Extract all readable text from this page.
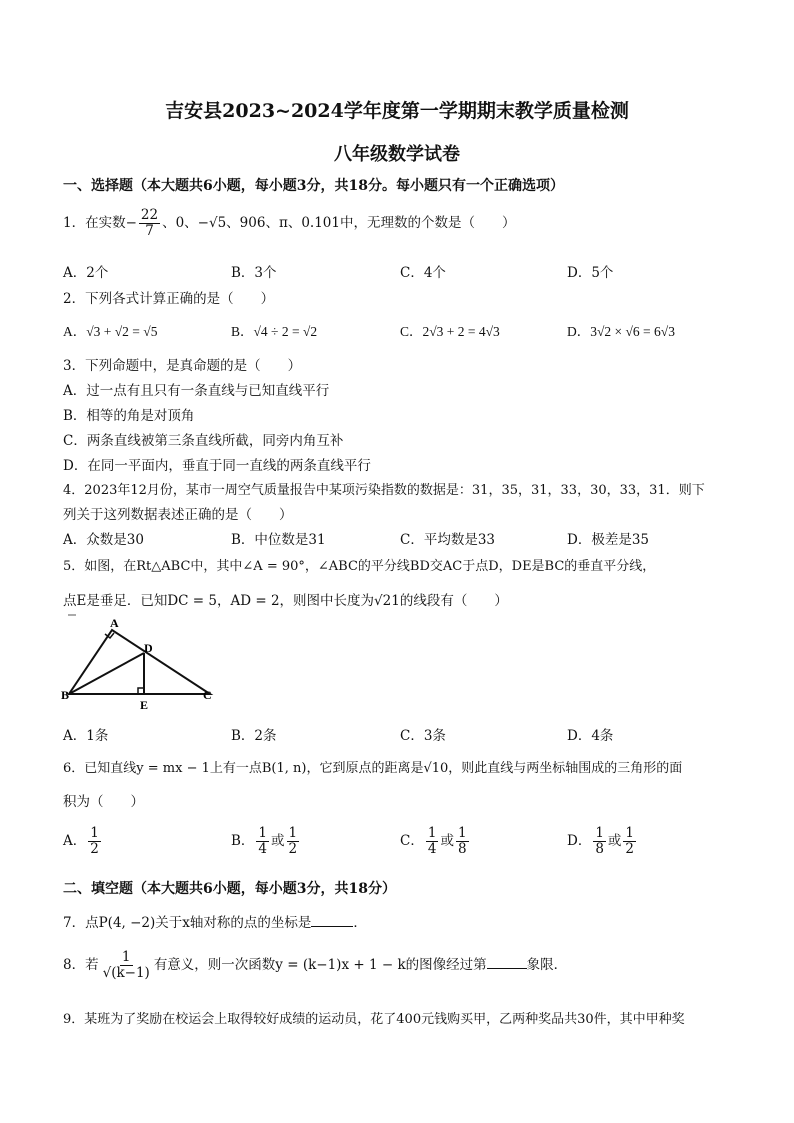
吉安县2023~2024学年度第一学期期末教学质量检测
八年级数学试卷
一、选择题（本大题共6小题，每小题3分，共18分。每小题只有一个正确选项）
1．在实数− $\frac{22}{7}$ 、0、−√5、906、π、0.101中，无理数的个数是（　　）
A．2个	B．3个	C．4个	D．5个
2．下列各式计算正确的是（　　）
A．√3 + √2 = √5	B．√4 ÷ 2 = √2	C．2√3 + 2 = 4√3	D．3√2 × √6 = 6√3
3．下列命题中，是真命题的是（　　）
A．过一点有且只有一条直线与已知直线平行
B．相等的角是对顶角
C．两条直线被第三条直线所截，同旁内角互补
D．在同一平面内，垂直于同一直线的两条直线平行
4．2023年12月份，某市一周空气质量报告中某项污染指数的数据是：31，35，31，33，30，33，31．则下
列关于这列数据表述正确的是（　　）
A．众数是30	B．中位数是31	C．平均数是33	D．极差是35
5．如图，在Rt△ABC中，其中∠A = 90°，∠ABC的平分线BD交AC于点D，DE是BC的垂直平分线，
点E是垂足．已知DC = 5，AD = 2，则图中长度为√21的线段有（　　）
A
D
B
E
C
A．1条	B．2条	C．3条	D．4条
6．已知直线y = mx − 1上有一点B(1, n)，它到原点的距离是√10，则此直线与两坐标轴围成的三角形的面
积为（　　）
A． $\frac{1}{2}$	B． $\frac{1}{4}$ 或 $\frac{1}{2}$	C． $\frac{1}{4}$ 或 $\frac{1}{8}$	D． $\frac{1}{8}$ 或 $\frac{1}{2}$
二、填空题（本大题共6小题，每小题3分，共18分）
7．点P(4, −2)关于x轴对称的点的坐标是	．
8．若 $\frac{1}{√(k-1)}$ 有意义，则一次函数y = (k−1)x + 1 − k的图像经过第	象限．
9．某班为了奖励在校运会上取得较好成绩的运动员，花了400元钱购买甲，乙两种奖品共30件，其中甲种奖
